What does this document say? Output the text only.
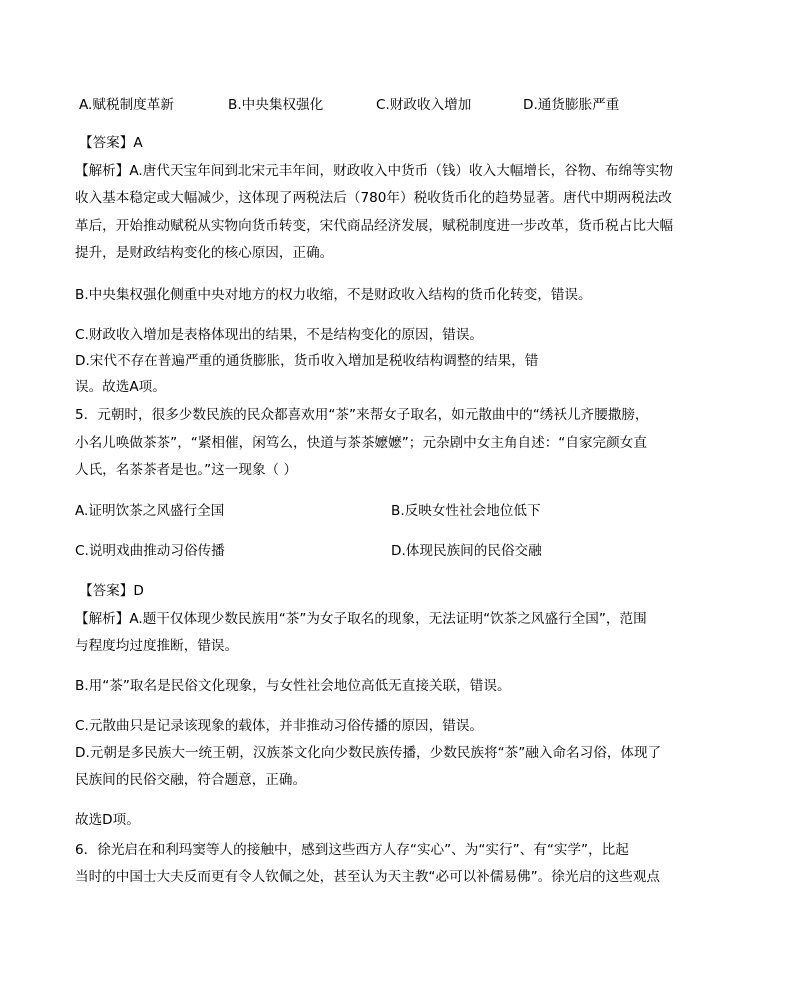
A.赋税制度革新	B.中央集权强化	C.财政收入增加	D.通货膨胀严重
【答案】A
【解析】A.唐代天宝年间到北宋元丰年间，财政收入中货币（钱）收入大幅增长，谷物、布绵等实物
收入基本稳定或大幅减少，这体现了两税法后（780年）税收货币化的趋势显著。唐代中期两税法改
革后，开始推动赋税从实物向货币转变，宋代商品经济发展，赋税制度进一步改革，货币税占比大幅
提升，是财政结构变化的核心原因，正确。
B.中央集权强化侧重中央对地方的权力收缩，不是财政收入结构的货币化转变，错误。
C.财政收入增加是表格体现出的结果，不是结构变化的原因，错误。
D.宋代不存在普遍严重的通货膨胀，货币收入增加是税收结构调整的结果，错
误。故选A项。
5．元朝时，很多少数民族的民众都喜欢用“茶”来帮女子取名，如元散曲中的“绣袄儿齐腰撒膀，
小名儿唤做茶茶”，“紧相催，闲笃么，快道与茶茶嬷嬷”；元杂剧中女主角自述：“自家完颜女直
人氏，名茶茶者是也。”这一现象（ ）
A.证明饮茶之风盛行全国	B.反映女性社会地位低下
C.说明戏曲推动习俗传播	D.体现民族间的民俗交融
【答案】D
【解析】A.题干仅体现少数民族用“茶”为女子取名的现象，无法证明“饮茶之风盛行全国”，范围
与程度均过度推断，错误。
B.用“茶”取名是民俗文化现象，与女性社会地位高低无直接关联，错误。
C.元散曲只是记录该现象的载体，并非推动习俗传播的原因，错误。
D.元朝是多民族大一统王朝，汉族茶文化向少数民族传播，少数民族将“茶”融入命名习俗，体现了
民族间的民俗交融，符合题意，正确。
故选D项。
6．徐光启在和利玛窦等人的接触中，感到这些西方人存“实心”、为“实行”、有“实学”，比起
当时的中国士大夫反而更有令人钦佩之处，甚至认为天主教“必可以补儒易佛”。徐光启的这些观点
